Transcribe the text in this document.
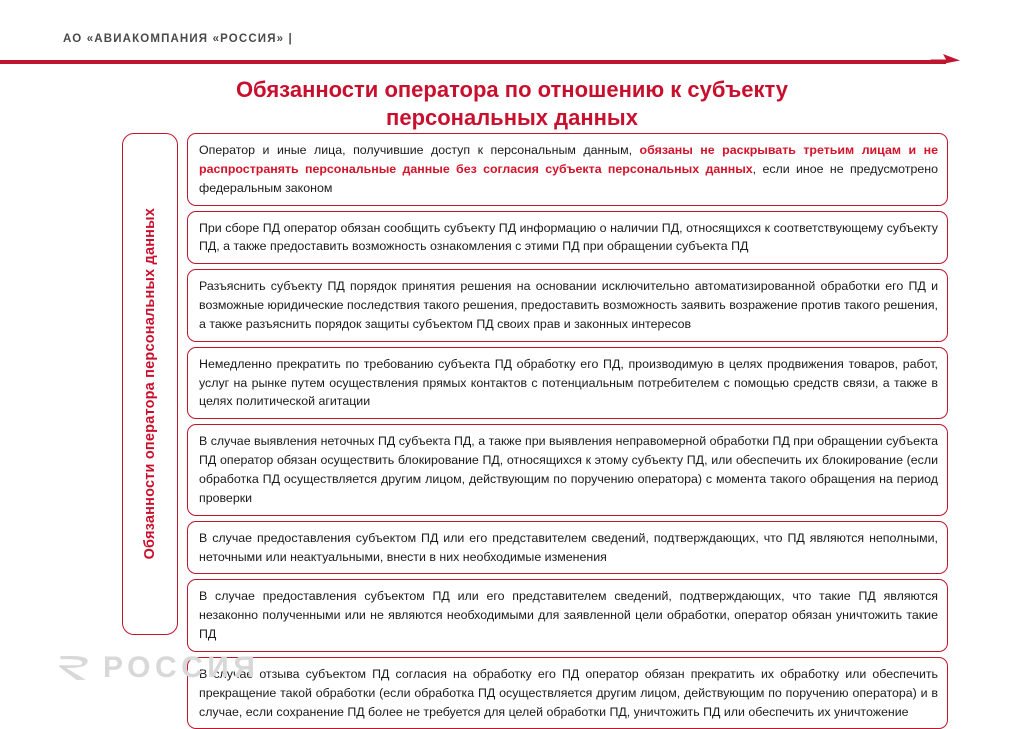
АО «АВИАКОМПАНИЯ «РОССИЯ» |
Обязанности оператора по отношению к субъекту персональных данных
Обязанности оператора персональных данных
Оператор и иные лица, получившие доступ к персональным данным, обязаны не раскрывать третьим лицам и не распространять персональные данные без согласия субъекта персональных данных, если иное не предусмотрено федеральным законом
При сборе ПД оператор обязан сообщить субъекту ПД информацию о наличии ПД, относящихся к соответствующему субъекту ПД, а также предоставить возможность ознакомления с этими ПД при обращении субъекта ПД
Разъяснить субъекту ПД порядок принятия решения на основании исключительно автоматизированной обработки его ПД и возможные юридические последствия такого решения, предоставить возможность заявить возражение против такого решения, а также разъяснить порядок защиты субъектом ПД своих прав и законных интересов
Немедленно прекратить по требованию субъекта ПД обработку его ПД, производимую в целях продвижения товаров, работ, услуг на рынке путем осуществления прямых контактов с потенциальным потребителем с помощью средств связи, а также в целях политической агитации
В случае выявления неточных ПД субъекта ПД, а также при выявления неправомерной обработки ПД при обращении субъекта ПД оператор обязан осуществить блокирование ПД, относящихся к этому субъекту ПД, или обеспечить их блокирование (если обработка ПД осуществляется другим лицом, действующим по поручению оператора) с момента такого обращения на период проверки
В случае предоставления субъектом ПД или его представителем сведений, подтверждающих, что ПД являются неполными, неточными или неактуальными, внести в них необходимые изменения
В случае предоставления субъектом ПД или его представителем сведений, подтверждающих, что такие ПД являются незаконно полученными или не являются необходимыми для заявленной цели обработки, оператор обязан уничтожить такие ПД
В случае отзыва субъектом ПД согласия на обработку его ПД оператор обязан прекратить их обработку или обеспечить прекращение такой обработки (если обработка ПД осуществляется другим лицом, действующим по поручению оператора) и в случае, если сохранение ПД более не требуется для целей обработки ПД, уничтожить ПД или обеспечить их уничтожение
РОССИЯ
